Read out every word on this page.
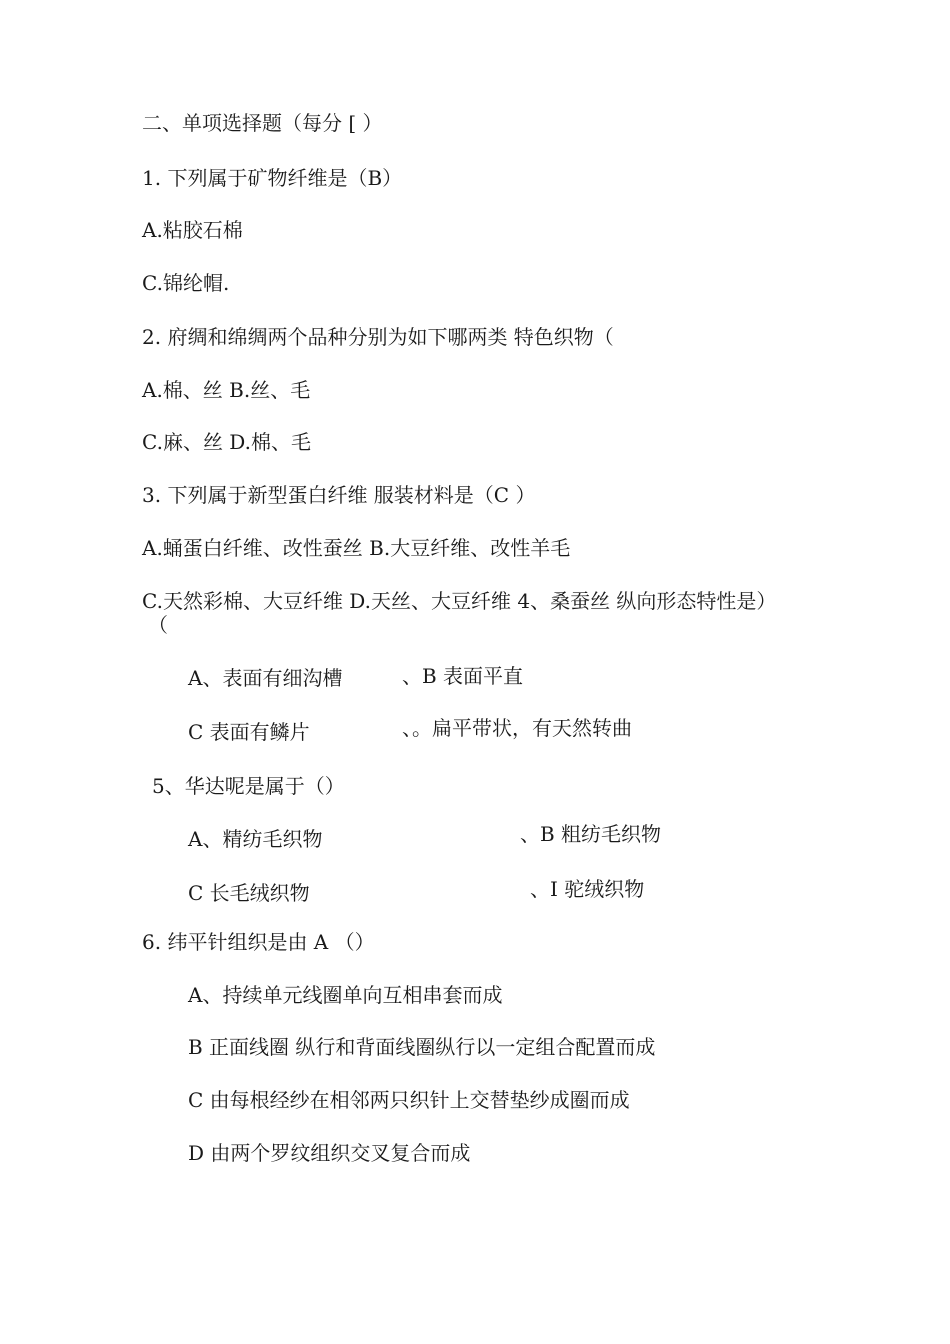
二、单项选择题（每分 [ ）
1. 下列属于矿物纤维是（B）
A.粘胶石棉
C.锦纶帽.
2. 府绸和绵绸两个品种分别为如下哪两类 特色织物（
A.棉、丝 B.丝、毛
C.麻、丝 D.棉、毛
3. 下列属于新型蛋白纤维 服装材料是（C ）
A.蛹蛋白纤维、改性蚕丝 B.大豆纤维、改性羊毛
C.天然彩棉、大豆纤维 D.天丝、大豆纤维 4、桑蚕丝 纵向形态特性是）
（
A、表面有细沟槽	、B 表面平直
C 表面有鳞片	、。扁平带状，有天然转曲
5、华达呢是属于（）
A、精纺毛织物	、B 粗纺毛织物
C 长毛绒织物	、I 驼绒织物
6. 纬平针组织是由 A （）
A、持续单元线圈单向互相串套而成
B 正面线圈 纵行和背面线圈纵行以一定组合配置而成
C 由每根经纱在相邻两只织针上交替垫纱成圈而成
D 由两个罗纹组织交叉复合而成
